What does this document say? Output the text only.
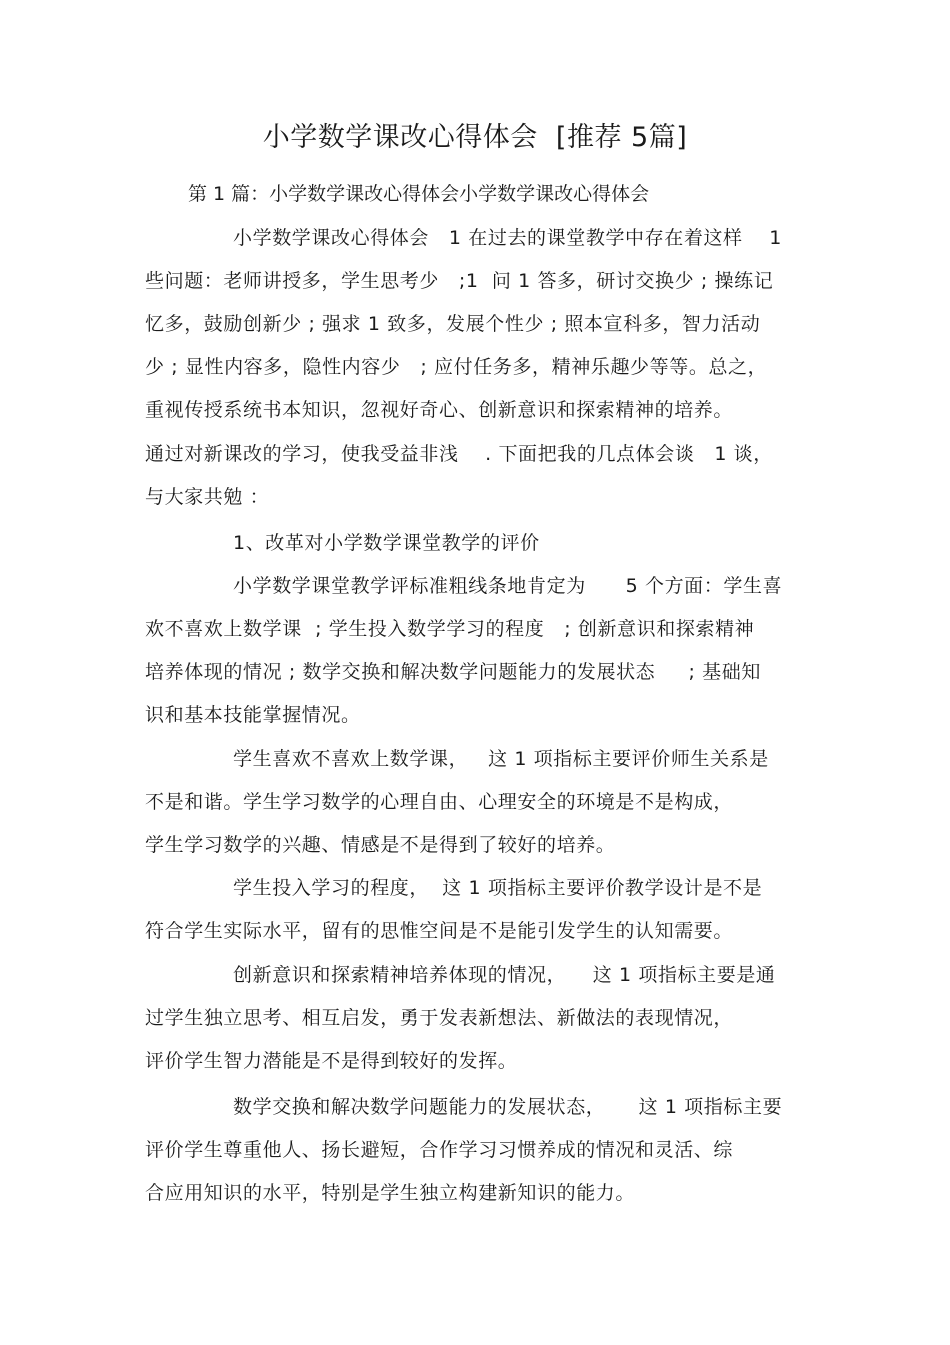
小学数学课改心得体会  [推荐 5篇]
第 1 篇：小学数学课改心得体会小学数学课改心得体会
小学数学课改心得体会   1 在过去的课堂教学中存在着这样    1
些问题：老师讲授多，学生思考少   ;1  问 1 答多，研讨交换少 ; 操练记
忆多，鼓励创新少 ; 强求 1 致多，发展个性少 ; 照本宣科多，智力活动
少 ; 显性内容多，隐性内容少   ; 应付任务多，精神乐趣少等等。总之，
重视传授系统书本知识，忽视好奇心、创新意识和探索精神的培养。
通过对新课改的学习，使我受益非浅    . 下面把我的几点体会谈   1 谈，
与大家共勉 ：
1、改革对小学数学课堂教学的评价
小学数学课堂教学评标准粗线条地肯定为      5 个方面：学生喜
欢不喜欢上数学课  ; 学生投入数学学习的程度   ; 创新意识和探索精神
培养体现的情况 ; 数学交换和解决数学问题能力的发展状态     ; 基础知
识和基本技能掌握情况。
学生喜欢不喜欢上数学课，   这 1 项指标主要评价师生关系是
不是和谐。学生学习数学的心理自由、心理安全的环境是不是构成，
学生学习数学的兴趣、情感是不是得到了较好的培养。
学生投入学习的程度，  这 1 项指标主要评价教学设计是不是
符合学生实际水平，留有的思惟空间是不是能引发学生的认知需要。
创新意识和探索精神培养体现的情况，    这 1 项指标主要是通
过学生独立思考、相互启发，勇于发表新想法、新做法的表现情况，
评价学生智力潜能是不是得到较好的发挥。
数学交换和解决数学问题能力的发展状态，     这 1 项指标主要
评价学生尊重他人、扬长避短，合作学习习惯养成的情况和灵活、综
合应用知识的水平，特别是学生独立构建新知识的能力。
